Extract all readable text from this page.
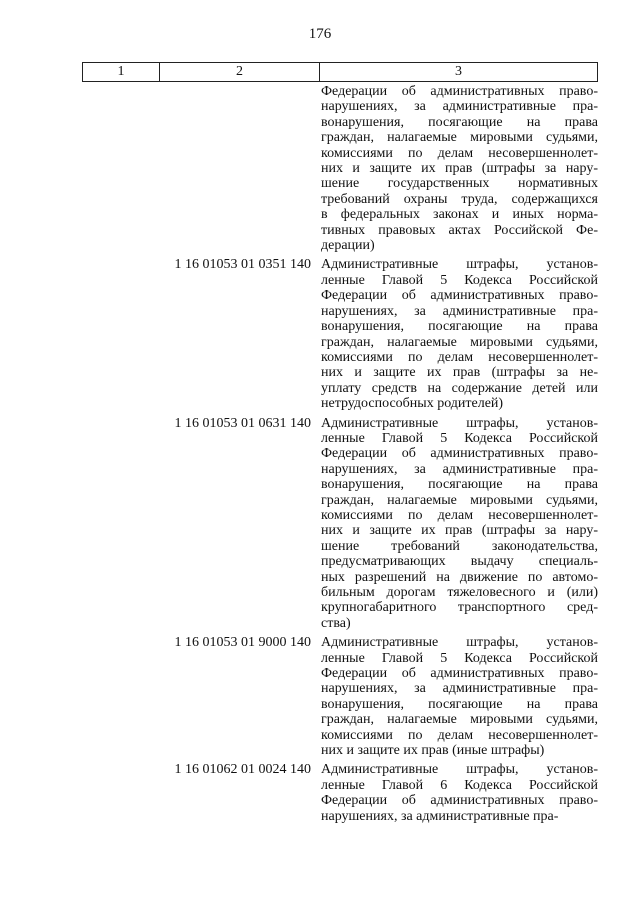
176
1	2	3
Федерации об административных право-
нарушениях, за административные пра-
вонарушения, посягающие на права
граждан, налагаемые мировыми судьями,
комиссиями по делам несовершеннолет-
них и защите их прав (штрафы за нару-
шение государственных нормативных
требований охраны труда, содержащихся
в федеральных законах и иных норма-
тивных правовых актах Российской Фе-
дерации)
1 16 01053 01 0351 140 Административные штрафы, установ-
ленные Главой 5 Кодекса Российской
Федерации об административных право-
нарушениях, за административные пра-
вонарушения, посягающие на права
граждан, налагаемые мировыми судьями,
комиссиями по делам несовершеннолет-
них и защите их прав (штрафы за не-
уплату средств на содержание детей или
нетрудоспособных родителей)
1 16 01053 01 0631 140 Административные штрафы, установ-
ленные Главой 5 Кодекса Российской
Федерации об административных право-
нарушениях, за административные пра-
вонарушения, посягающие на права
граждан, налагаемые мировыми судьями,
комиссиями по делам несовершеннолет-
них и защите их прав (штрафы за нару-
шение требований законодательства,
предусматривающих выдачу специаль-
ных разрешений на движение по автомо-
бильным дорогам тяжеловесного и (или)
крупногабаритного транспортного сред-
ства)
1 16 01053 01 9000 140 Административные штрафы, установ-
ленные Главой 5 Кодекса Российской
Федерации об административных право-
нарушениях, за административные пра-
вонарушения, посягающие на права
граждан, налагаемые мировыми судьями,
комиссиями по делам несовершеннолет-
них и защите их прав (иные штрафы)
1 16 01062 01 0024 140 Административные штрафы, установ-
ленные Главой 6 Кодекса Российской
Федерации об административных право-
нарушениях, за административные пра-
